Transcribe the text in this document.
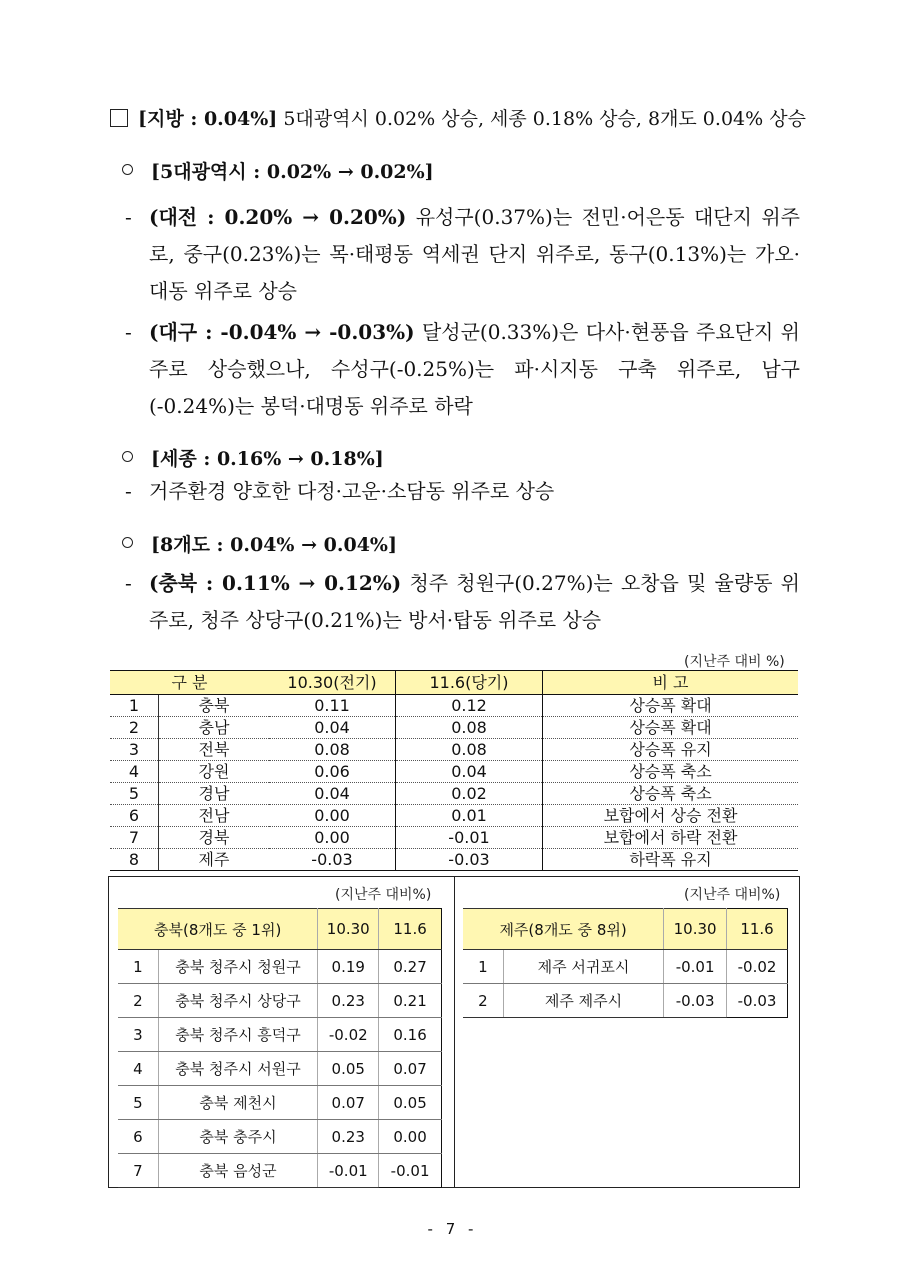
[지방 : 0.04%] 5대광역시 0.02% 상승, 세종 0.18% 상승, 8개도 0.04% 상승
[5대광역시 : 0.02% → 0.02%]
- (대전 : 0.20% → 0.20%) 유성구(0.37%)는 전민·어은동 대단지 위주로, 중구(0.23%)는 목·태평동 역세권 단지 위주로, 동구(0.13%)는 가오·대동 위주로 상승
- (대구 : -0.04% → -0.03%) 달성군(0.33%)은 다사·현풍읍 주요단지 위주로 상승했으나, 수성구(-0.25%)는 파·시지동 구축 위주로, 남구(-0.24%)는 봉덕·대명동 위주로 하락
[세종 : 0.16% → 0.18%]
- 거주환경 양호한 다정·고운·소담동 위주로 상승
[8개도 : 0.04% → 0.04%]
- (충북 : 0.11% → 0.12%) 청주 청원구(0.27%)는 오창읍 및 율량동 위주로, 청주 상당구(0.21%)는 방서·탑동 위주로 상승
(지난주 대비 %)
구 분		10.30(전기)	11.6(당기)	비 고
1	충북	0.11	0.12	상승폭 확대
2	충남	0.04	0.08	상승폭 확대
3	전북	0.08	0.08	상승폭 유지
4	강원	0.06	0.04	상승폭 축소
5	경남	0.04	0.02	상승폭 축소
6	전남	0.00	0.01	보합에서 상승 전환
7	경북	0.00	-0.01	보합에서 하락 전환
8	제주	-0.03	-0.03	하락폭 유지
(지난주 대비%)	(지난주 대비%)
충북(8개도 중 1위)		10.30	11.6
1	충북 청주시 청원구	0.19	0.27
2	충북 청주시 상당구	0.23	0.21
3	충북 청주시 흥덕구	-0.02	0.16
4	충북 청주시 서원구	0.05	0.07
5	충북 제천시	0.07	0.05
6	충북 충주시	0.23	0.00
7	충북 음성군	-0.01	-0.01
제주(8개도 중 8위)		10.30	11.6
1	제주 서귀포시	-0.01	-0.02
2	제주 제주시	-0.03	-0.03
- 7 -
